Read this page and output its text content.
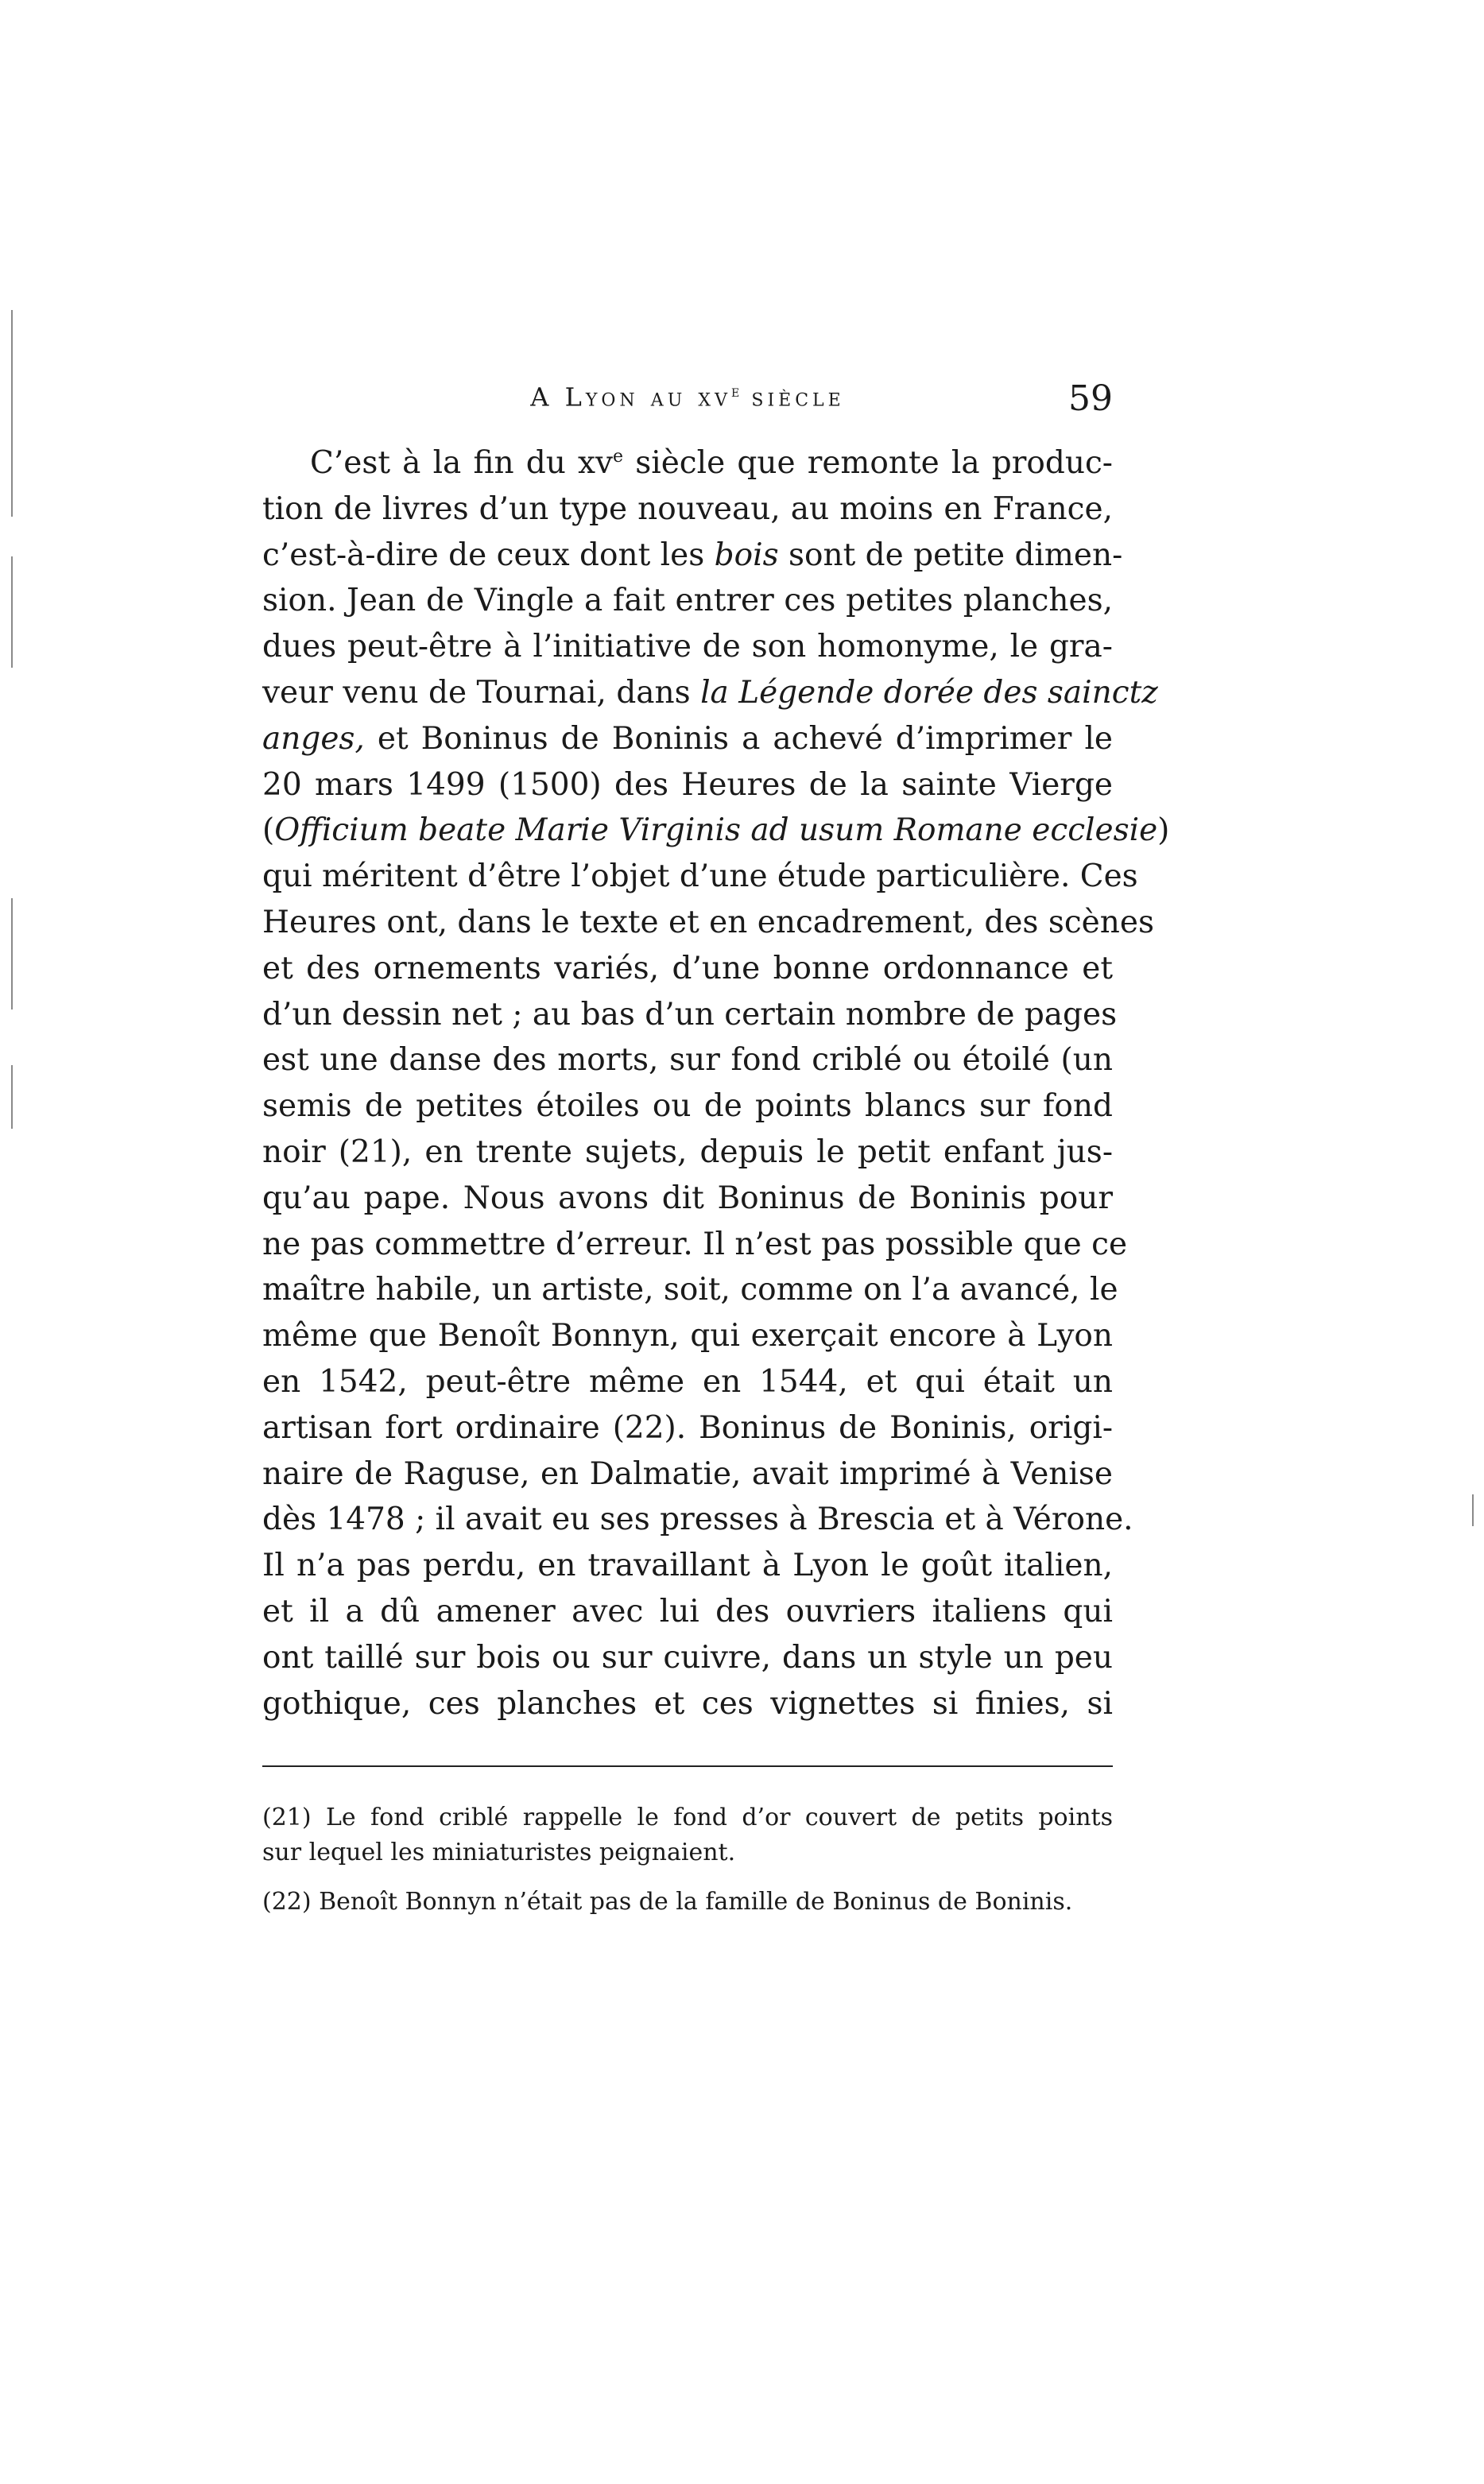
A Lyon au $xv^e$ siècle	59
C’est à la fin du $xv^e$ siècle que remonte la produc-
tion de livres d’un type nouveau, au moins en France,
c’est-à-dire de ceux dont les bois sont de petite dimen-
sion. Jean de Vingle a fait entrer ces petites planches,
dues peut-être à l’initiative de son homonyme, le gra-
veur venu de Tournai, dans la Légende dorée des sainctz
anges, et Boninus de Boninis a achevé d’imprimer le
20 mars 1499 (1500) des Heures de la sainte Vierge
(Officium beate Marie Virginis ad usum Romane ecclesie)
qui méritent d’être l’objet d’une étude particulière. Ces
Heures ont, dans le texte et en encadrement, des scènes
et des ornements variés, d’une bonne ordonnance et
d’un dessin net ; au bas d’un certain nombre de pages
est une danse des morts, sur fond criblé ou étoilé (un
semis de petites étoiles ou de points blancs sur fond
noir (21), en trente sujets, depuis le petit enfant jus-
qu’au pape. Nous avons dit Boninus de Boninis pour
ne pas commettre d’erreur. Il n’est pas possible que ce
maître habile, un artiste, soit, comme on l’a avancé, le
même que Benoît Bonnyn, qui exerçait encore à Lyon
en 1542, peut-être même en 1544, et qui était un
artisan fort ordinaire (22). Boninus de Boninis, origi-
naire de Raguse, en Dalmatie, avait imprimé à Venise
dès 1478 ; il avait eu ses presses à Brescia et à Vérone.
Il n’a pas perdu, en travaillant à Lyon le goût italien,
et il a dû amener avec lui des ouvriers italiens qui
ont taillé sur bois ou sur cuivre, dans un style un peu
gothique, ces planches et ces vignettes si finies, si
(21) Le fond criblé rappelle le fond d’or couvert de petits points
sur lequel les miniaturistes peignaient.
(22) Benoît Bonnyn n’était pas de la famille de Boninus de Boninis.
